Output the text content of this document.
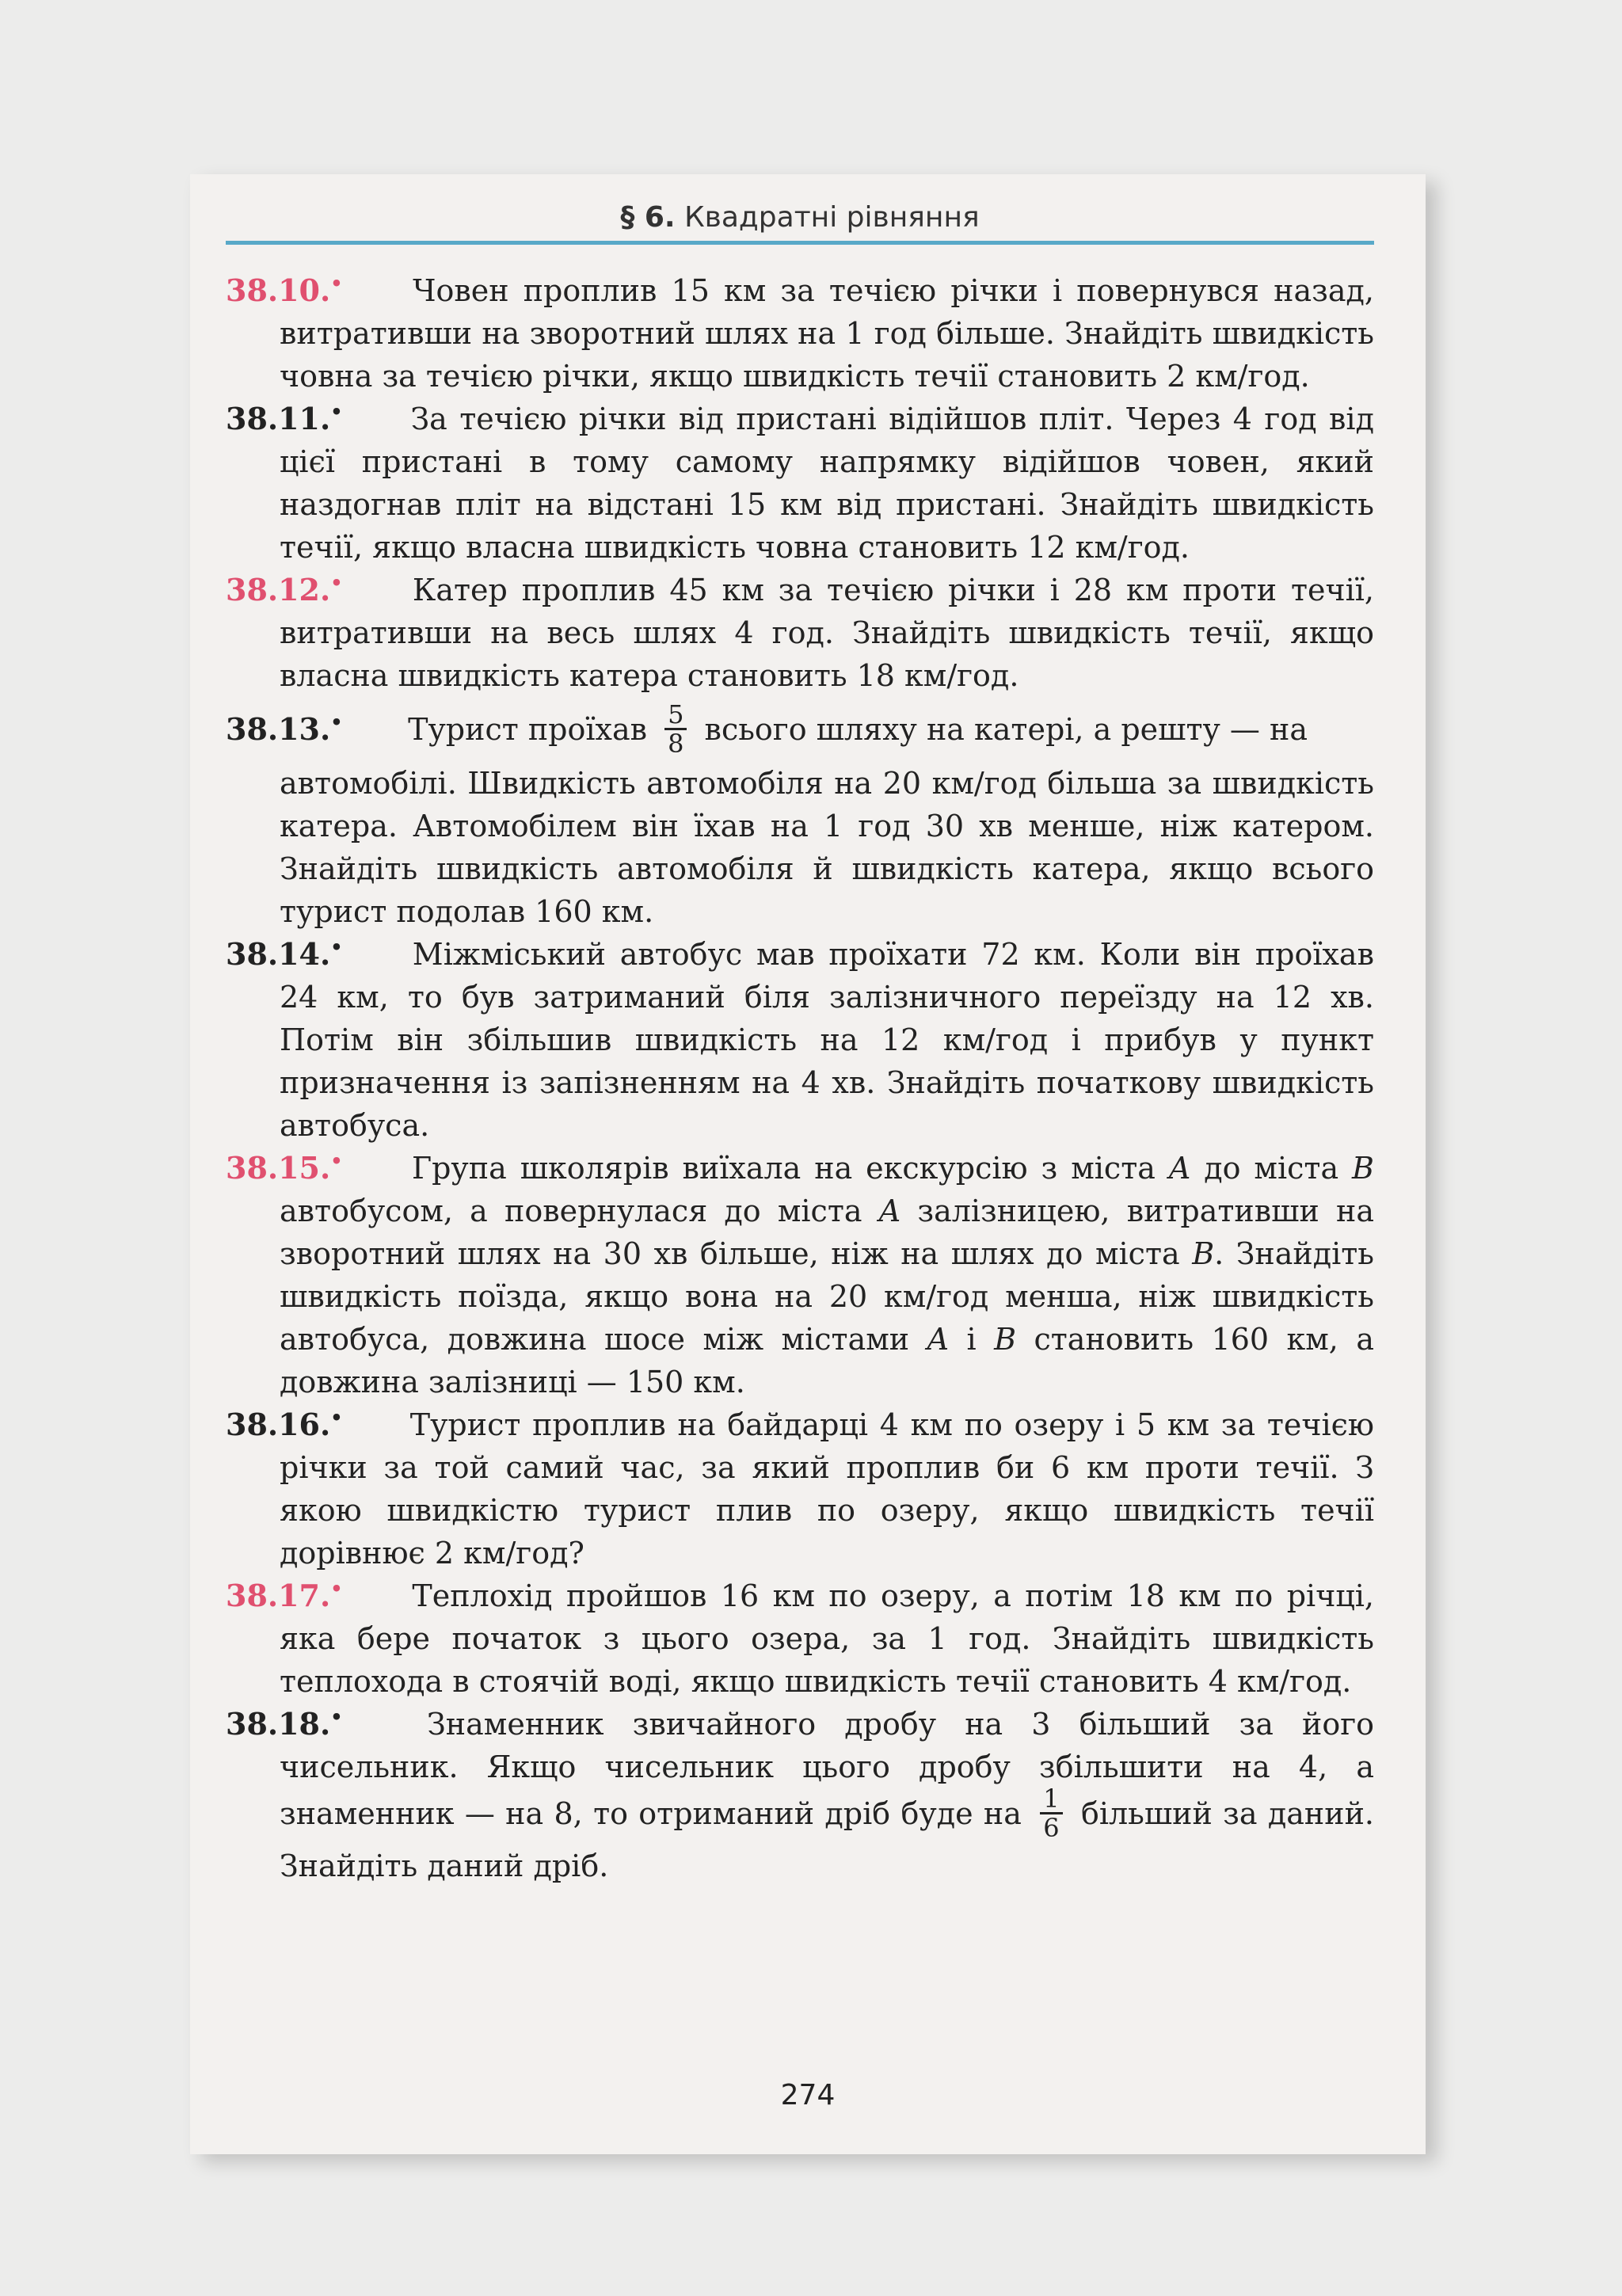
§ 6. Квадратні рівняння
38.10.• Човен проплив 15 км за течією річки і повернувся назад, витративши на зворотний шлях на 1 год більше. Знайдіть швидкість човна за течією річки, якщо швидкість течії становить 2 км/год.
38.11.• За течією річки від пристані відійшов пліт. Через 4 год від цієї пристані в тому самому напрямку відійшов човен, який наздогнав пліт на відстані 15 км від пристані. Знайдіть швидкість течії, якщо власна швидкість човна становить 12 км/год.
38.12.• Катер проплив 45 км за течією річки і 28 км проти течії, витративши на весь шлях 4 год. Знайдіть швидкість течії, якщо власна швидкість катера становить 18 км/год.
38.13.• Турист проїхав $\frac{5}{8}$ всього шляху на катері, а решту — на
автомобілі. Швидкість автомобіля на 20 км/год більша за швидкість катера. Автомобілем він їхав на 1 год 30 хв менше, ніж катером. Знайдіть швидкість автомобіля й швидкість катера, якщо всього турист подолав 160 км.
38.14.• Міжміський автобус мав проїхати 72 км. Коли він проїхав 24 км, то був затриманий біля залізничного переїзду на 12 хв. Потім він збільшив швидкість на 12 км/год і прибув у пункт призначення із запізненням на 4 хв. Знайдіть початкову швидкість автобуса.
38.15.• Група школярів виїхала на екскурсію з міста A до міста B автобусом, а повернулася до міста A залізницею, витративши на зворотний шлях на 30 хв більше, ніж на шлях до міста B. Знайдіть швидкість поїзда, якщо вона на 20 км/год менша, ніж швидкість автобуса, довжина шосе між містами A і B становить 160 км, а довжина залізниці — 150 км.
38.16.• Турист проплив на байдарці 4 км по озеру і 5 км за течією річки за той самий час, за який проплив би 6 км проти течії. З якою швидкістю турист плив по озеру, якщо швидкість течії дорівнює 2 км/год?
38.17.• Теплохід пройшов 16 км по озеру, а потім 18 км по річці, яка бере початок з цього озера, за 1 год. Знайдіть швидкість теплохода в стоячій воді, якщо швидкість течії становить 4 км/год.
38.18.•	Знаменник звичайного дробу на 3 більший за його чисельник. Якщо чисельник цього дробу збільшити на 4, а знаменник — на 8, то отриманий дріб буде на $\frac{1}{6}$ більший за даний. Знайдіть даний дріб.
274
